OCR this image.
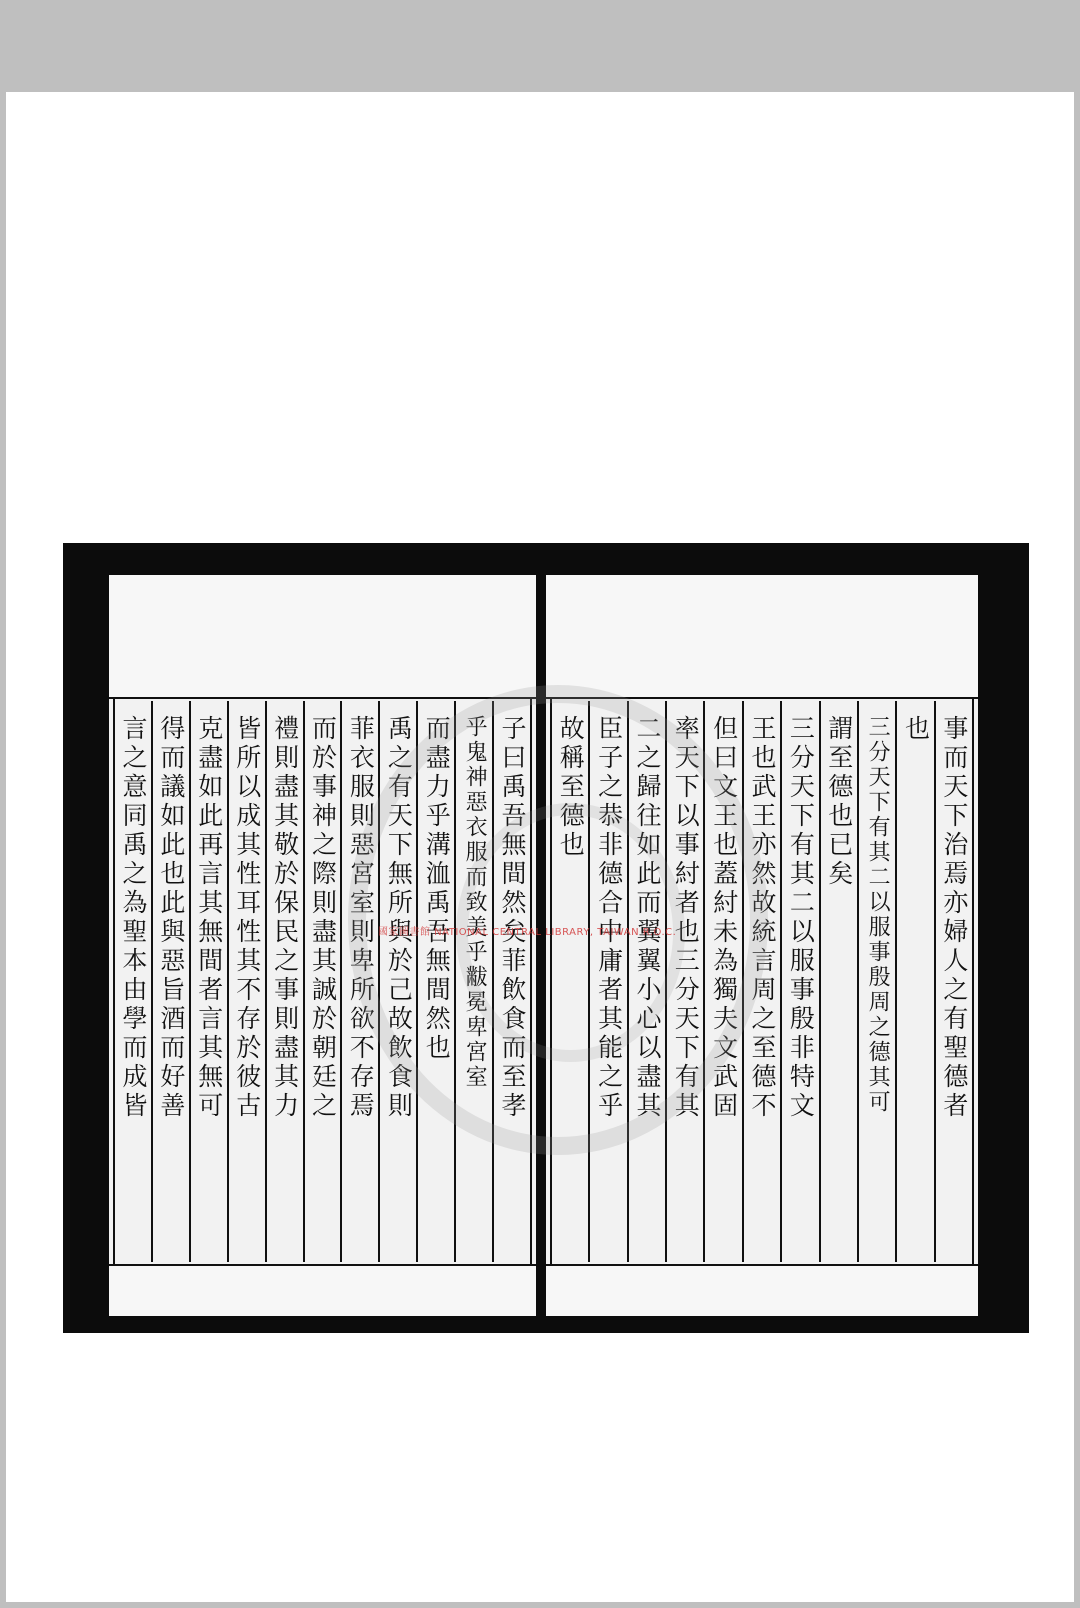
子曰禹吾無間然矣菲飲食而至孝
乎鬼神惡衣服而致美乎黻冕卑宮室
而盡力乎溝洫禹吾無間然也
禹之有天下無所與於己故飲食則
菲衣服則惡宮室則卑所欲不存焉
而於事神之際則盡其誠於朝廷之
禮則盡其敬於保民之事則盡其力
皆所以成其性耳性其不存於彼古
克盡如此再言其無間者言其無可
得而議如此也此與惡旨酒而好善
言之意同禹之為聖本由學而成皆	事而天下治焉亦婦人之有聖德者
也
三分天下有其二以服事殷周之德其可
謂至德也已矣
三分天下有其二以服事殷非特文
王也武王亦然故統言周之至德不
但曰文王也蓋紂未為獨夫文武固
率天下以事紂者也三分天下有其
二之歸往如此而翼翼小心以盡其
臣子之恭非德合中庸者其能之乎
故稱至德也
國家圖書館 NATIONAL CENTRAL LIBRARY, TAIWAN R.O.C.
